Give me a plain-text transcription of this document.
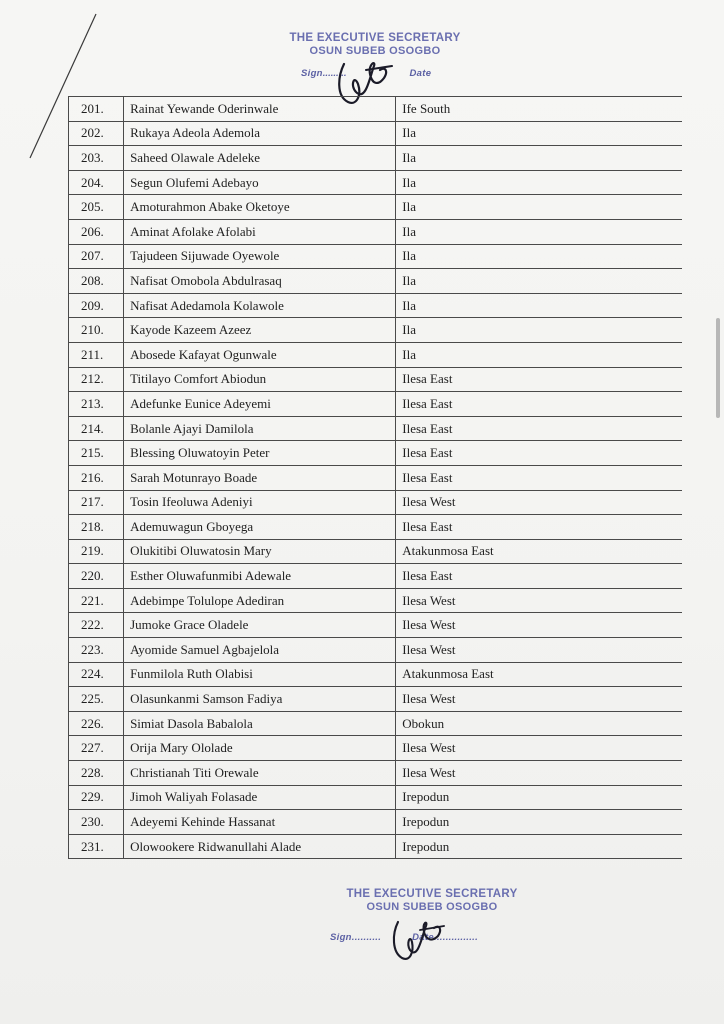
THE EXECUTIVE SECRETARY
OSUN SUBEB OSOGBO
Sign.........	Date
201.	Rainat Yewande Oderinwale	Ife South
202.	Rukaya Adeola Ademola	Ila
203.	Saheed Olawale Adeleke	Ila
204.	Segun Olufemi Adebayo	Ila
205.	Amoturahmon Abake Oketoye	Ila
206.	Aminat Afolake Afolabi	Ila
207.	Tajudeen Sijuwade Oyewole	Ila
208.	Nafisat Omobola Abdulrasaq	Ila
209.	Nafisat Adedamola Kolawole	Ila
210.	Kayode Kazeem Azeez	Ila
211.	Abosede Kafayat Ogunwale	Ila
212.	Titilayo Comfort Abiodun	Ilesa East
213.	Adefunke Eunice Adeyemi	Ilesa East
214.	Bolanle Ajayi Damilola	Ilesa East
215.	Blessing Oluwatoyin Peter	Ilesa East
216.	Sarah Motunrayo Boade	Ilesa East
217.	Tosin Ifeoluwa Adeniyi	Ilesa West
218.	Ademuwagun Gboyega	Ilesa East
219.	Olukitibi Oluwatosin Mary	Atakunmosa East
220.	Esther Oluwafunmibi Adewale	Ilesa East
221.	Adebimpe Tolulope Adediran	Ilesa West
222.	Jumoke Grace Oladele	Ilesa West
223.	Ayomide Samuel Agbajelola	Ilesa West
224.	Funmilola Ruth Olabisi	Atakunmosa East
225.	Olasunkanmi Samson Fadiya	Ilesa West
226.	Simiat Dasola Babalola	Obokun
227.	Orija Mary Ololade	Ilesa West
228.	Christianah Titi Orewale	Ilesa West
229.	Jimoh Waliyah Folasade	Irepodun
230.	Adeyemi Kehinde Hassanat	Irepodun
231.	Olowookere Ridwanullahi Alade	Irepodun
THE EXECUTIVE SECRETARY
OSUN SUBEB OSOGBO
Sign..........	Date...............
